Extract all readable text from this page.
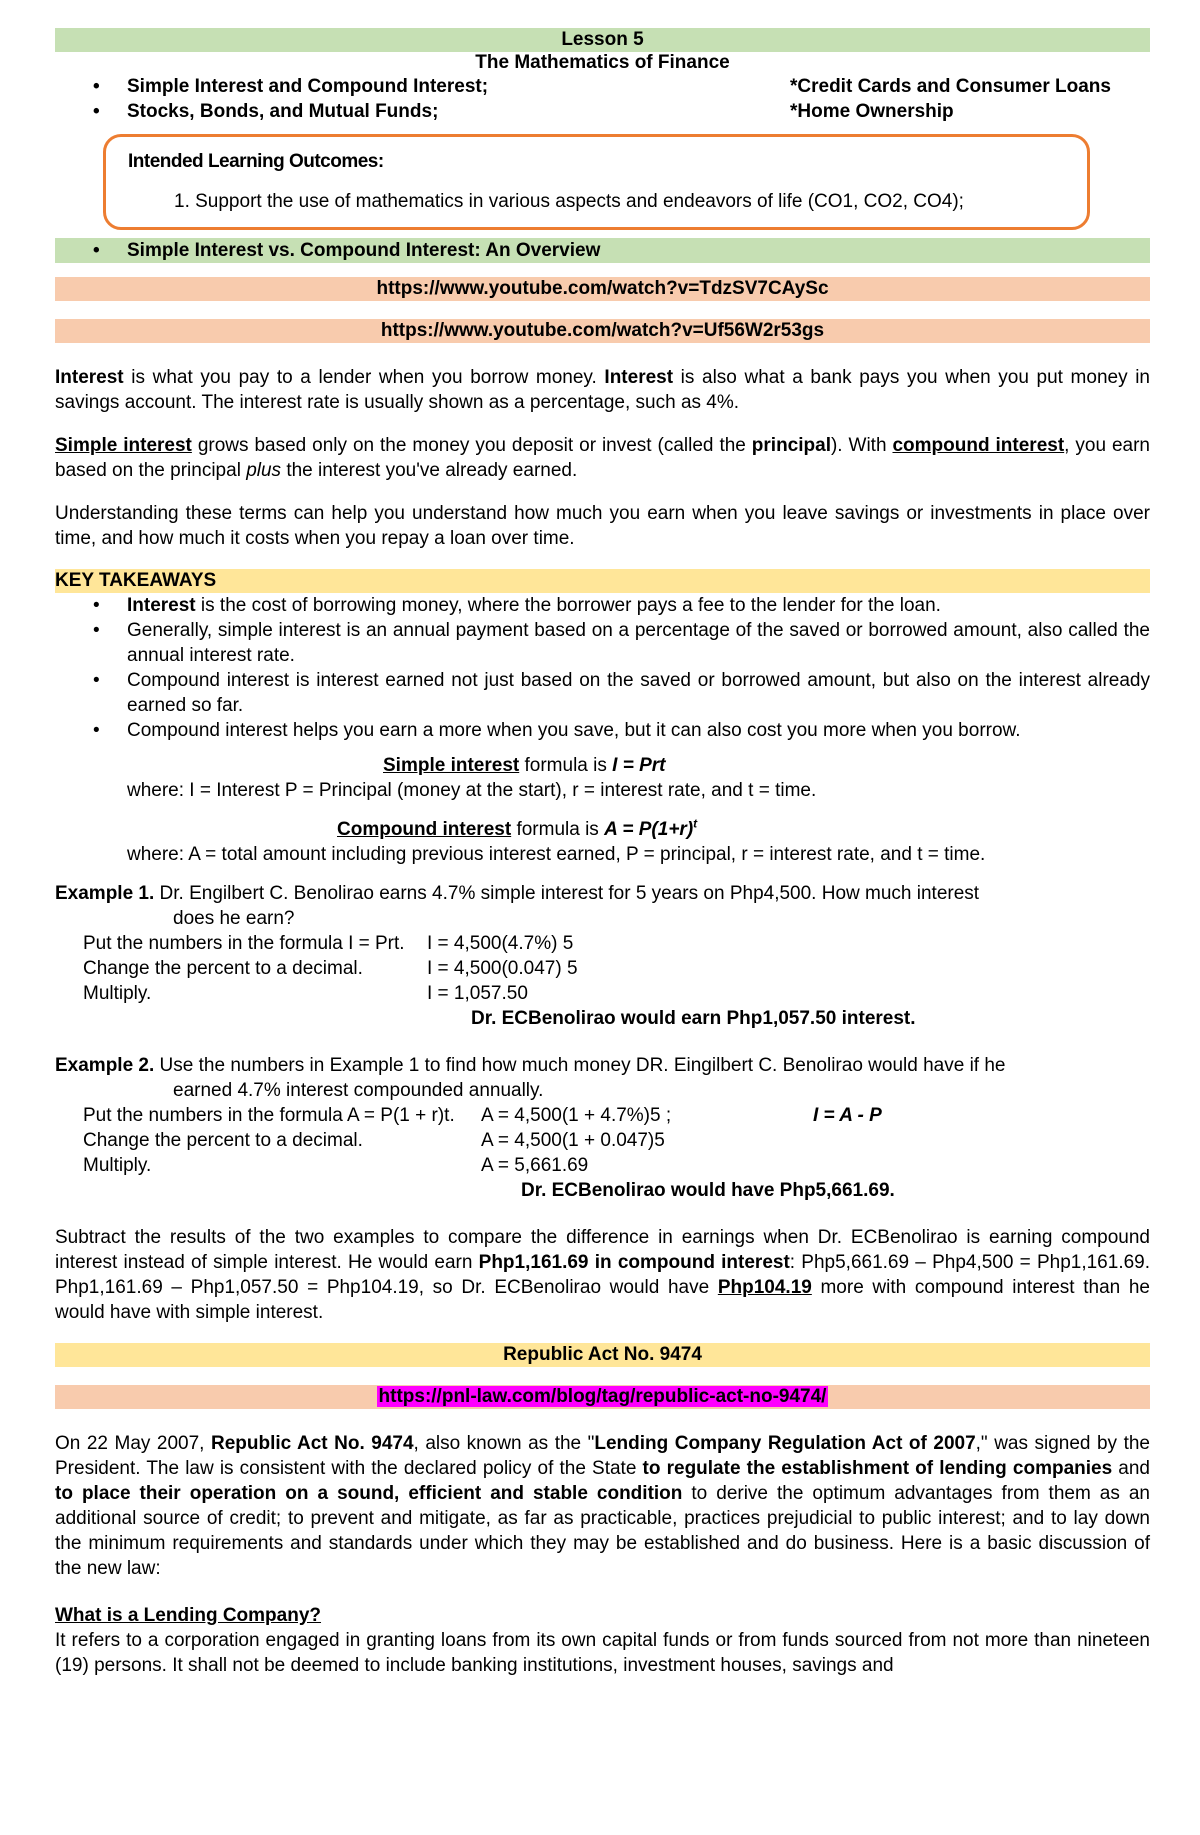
Lesson 5
The Mathematics of Finance
• Simple Interest and Compound Interest;	*Credit Cards and Consumer Loans
• Stocks, Bonds, and Mutual Funds;	*Home Ownership
Intended Learning Outcomes:
1. Support the use of mathematics in various aspects and endeavors of life (CO1, CO2, CO4);
• Simple Interest vs. Compound Interest: An Overview
https://www.youtube.com/watch?v=TdzSV7CAySc
https://www.youtube.com/watch?v=Uf56W2r53gs

Interest is what you pay to a lender when you borrow money. Interest is also what a bank pays you when you put money in savings account. The interest rate is usually shown as a percentage, such as 4%.

Simple interest grows based only on the money you deposit or invest (called the principal). With compound interest, you earn based on the principal plus the interest you've already earned.

Understanding these terms can help you understand how much you earn when you leave savings or investments in place over time, and how much it costs when you repay a loan over time.

KEY TAKEAWAYS
• Interest is the cost of borrowing money, where the borrower pays a fee to the lender for the loan.
• Generally, simple interest is an annual payment based on a percentage of the saved or borrowed amount, also called the annual interest rate.
• Compound interest is interest earned not just based on the saved or borrowed amount, but also on the interest already earned so far.
• Compound interest helps you earn a more when you save, but it can also cost you more when you borrow.
Simple interest formula is I = Prt
where: I = Interest P = Principal (money at the start), r = interest rate, and t = time.
Compound interest formula is $A = P(1+r)^t$
where: A = total amount including previous interest earned, P = principal, r = interest rate, and t = time.

Example 1. Dr. Engilbert C. Benolirao earns 4.7% simple interest for 5 years on Php4,500. How much interest

does he earn?
Put the numbers in the formula I = Prt.	I = 4,500(4.7%) 5
Change the percent to a decimal.	I = 4,500(0.047) 5
Multiply.	I = 1,057.50
Dr. ECBenolirao would earn Php1,057.50 interest.

Example 2. Use the numbers in Example 1 to find how much money DR. Eingilbert C. Benolirao would have if he

earned 4.7% interest compounded annually.
Put the numbers in the formula A = P(1 + r)t.	A = 4,500(1 + 4.7%)5 ;	I = A - P
Change the percent to a decimal.	A = 4,500(1 + 0.047)5
Multiply.	A = 5,661.69
Dr. ECBenolirao would have Php5,661.69.

Subtract the results of the two examples to compare the difference in earnings when Dr. ECBenolirao is earning compound interest instead of simple interest. He would earn Php1,161.69 in compound interest: Php5,661.69 – Php4,500 = Php1,161.69. Php1,161.69 – Php1,057.50 = Php104.19, so Dr. ECBenolirao would have Php104.19 more with compound interest than he would have with simple interest.

Republic Act No. 9474
https://pnl-law.com/blog/tag/republic-act-no-9474/

On 22 May 2007, Republic Act No. 9474, also known as the "Lending Company Regulation Act of 2007," was signed by the President. The law is consistent with the declared policy of the State to regulate the establishment of lending companies and to place their operation on a sound, efficient and stable condition to derive the optimum advantages from them as an additional source of credit; to prevent and mitigate, as far as practicable, practices prejudicial to public interest; and to lay down the minimum requirements and standards under which they may be established and do business. Here is a basic discussion of the new law:

What is a Lending Company?

It refers to a corporation engaged in granting loans from its own capital funds or from funds sourced from not more than nineteen (19) persons. It shall not be deemed to include banking institutions, investment houses, savings and
